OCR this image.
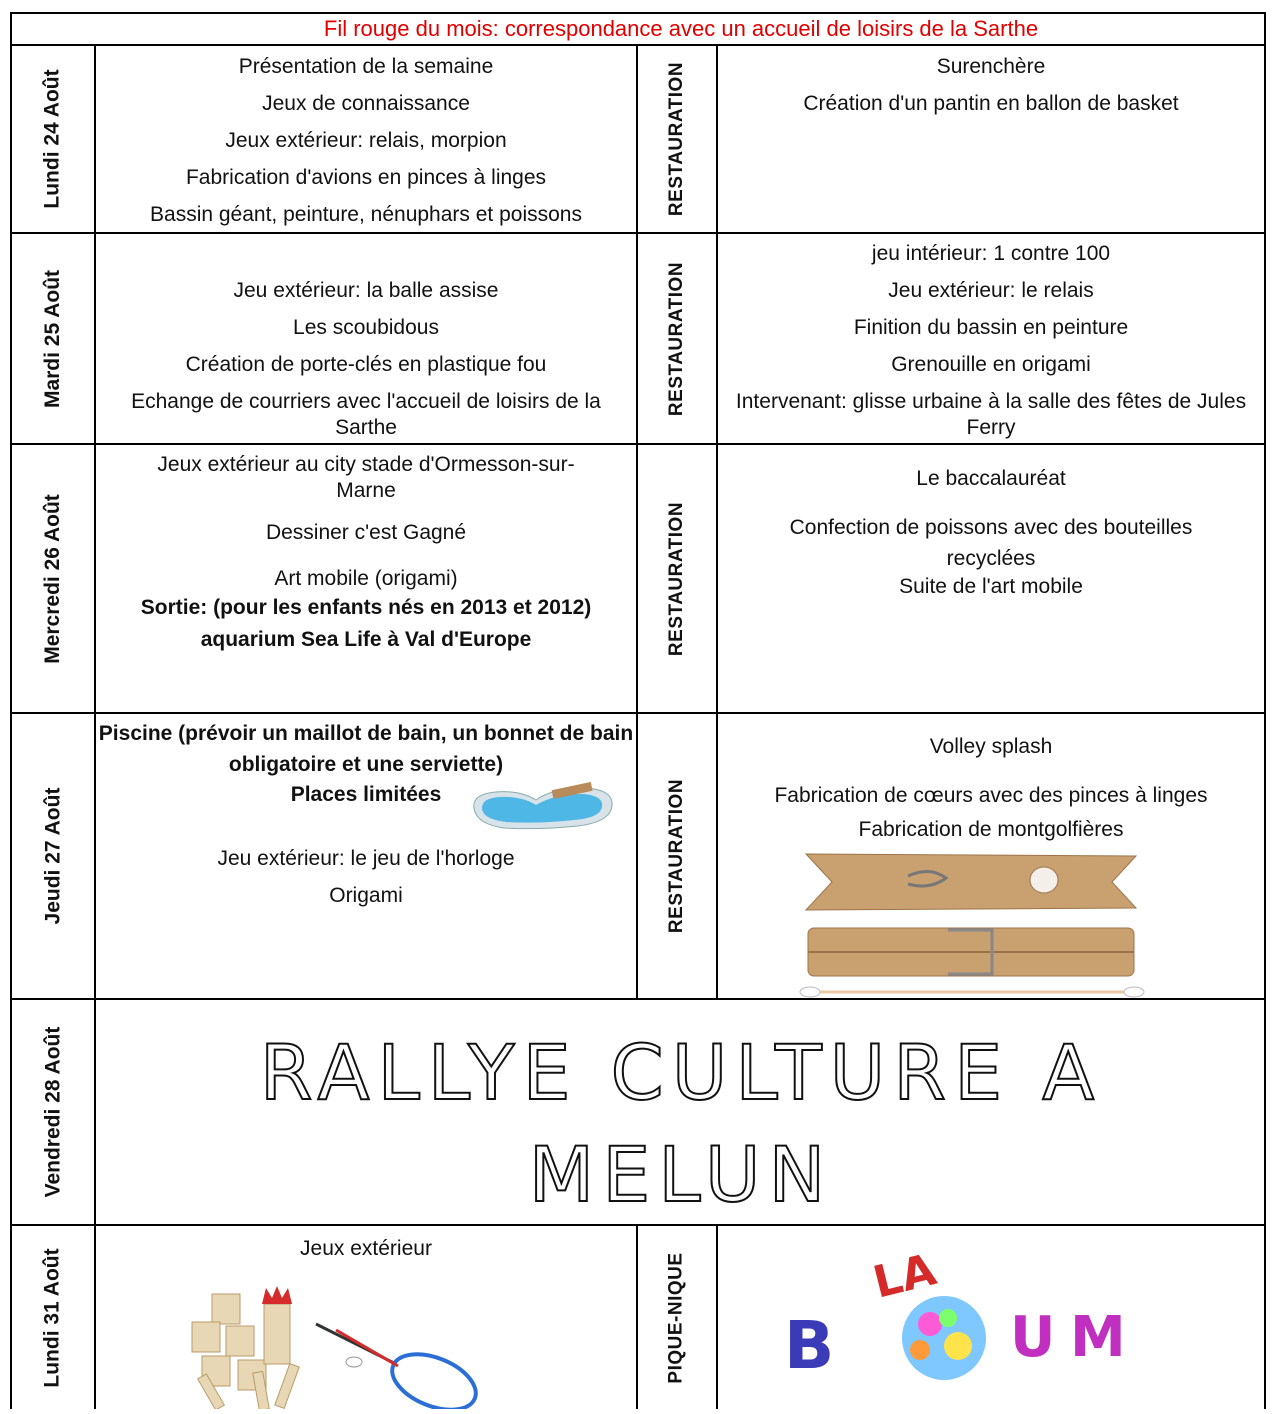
Fil rouge du mois: correspondance avec un accueil de loisirs de la Sarthe
Lundi 24 Août
Mardi 25 Août
Mercredi 26 Août
Jeudi 27 Août
Vendredi 28 Août
Lundi 31 Août
RESTAURATION
RESTAURATION
RESTAURATION
RESTAURATION
PIQUE-NIQUE

Présentation de la semaine

Jeux de connaissance

Jeux extérieur: relais, morpion

Fabrication d'avions en pinces à linges

Bassin géant, peinture, nénuphars et poissons

Surenchère

Création d'un pantin en ballon de basket

Jeu extérieur: la balle assise

Les scoubidous

Création de porte-clés en plastique fou

Echange de courriers avec l'accueil de loisirs de la Sarthe

jeu intérieur: 1 contre 100

Jeu extérieur: le relais

Finition du bassin en peinture

Grenouille en origami

Intervenant: glisse urbaine à la salle des fêtes de Jules Ferry

Jeux extérieur au city stade d'Ormesson-sur-Marne

Dessiner c'est Gagné

Art mobile (origami)

Sortie: (pour les enfants nés en 2013 et 2012) aquarium Sea Life à Val d'Europe

Le baccalauréat

Confection de poissons avec des bouteilles recyclées

Suite de l'art mobile

Piscine (prévoir un maillot de bain, un bonnet de bain obligatoire et une serviette)

Places limitées

Jeu extérieur: le jeu de l'horloge

Origami

Volley splash

Fabrication de cœurs avec des pinces à linges

Fabrication de montgolfières

RALLYE CULTURE A
MELUN

Jeux extérieur	LA
B	U M
